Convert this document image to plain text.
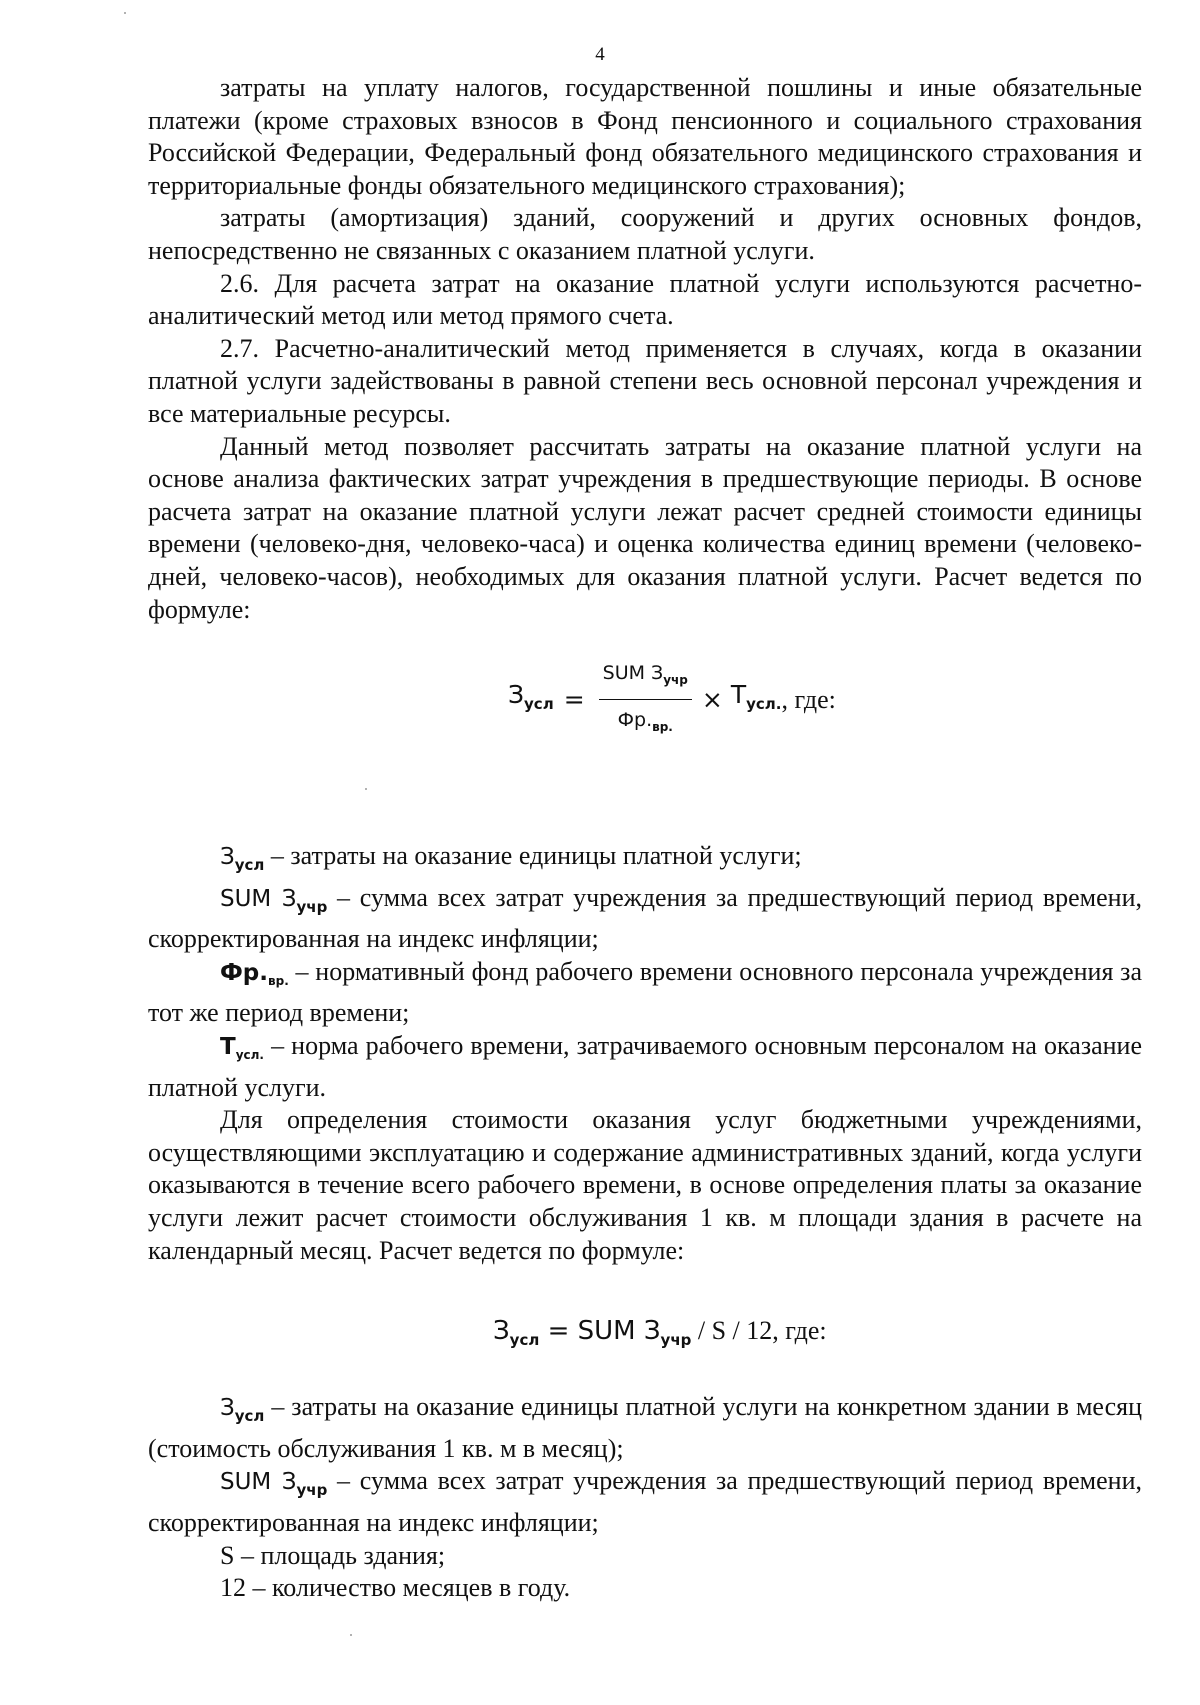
4

затраты на уплату налогов, государственной пошлины и иные обязательные платежи (кроме страховых взносов в Фонд пенсионного и социального страхования Российской Федерации, Федеральный фонд обязательного медицинского страхования и территориальные фонды обязательного медицинского страхования);

затраты (амортизация) зданий, сооружений и других основных фондов, непосредственно не связанных с оказанием платной услуги.

2.6. Для расчета затрат на оказание платной услуги используются расчетно-аналитический метод или метод прямого счета.

2.7. Расчетно-аналитический метод применяется в случаях, когда в оказании платной услуги задействованы в равной степени весь основной персонал учреждения и все материальные ресурсы.

Данный метод позволяет рассчитать затраты на оказание платной услуги на основе анализа фактических затрат учреждения в предшествующие периоды. В основе расчета затрат на оказание платной услуги лежат расчет средней стоимости единицы времени (человеко-дня, человеко-часа) и оценка количества единиц времени (человеко-дней, человеко-часов), необходимых для оказания платной услуги. Расчет ведется по формуле:

$З_{усл} = \frac{SUM З_{учр}}{Фр._{вр.}} \times Т_{усл.}$ , где:

$З_{усл}$ – затраты на оказание единицы платной услуги;

SUM $З_{учр}$ – сумма всех затрат учреждения за предшествующий период времени, скорректированная на индекс инфляции;

$Фр._{вр.}$ – нормативный фонд рабочего времени основного персонала учреждения за тот же период времени;

$Т_{усл.}$ – норма рабочего времени, затрачиваемого основным персоналом на оказание платной услуги.

Для определения стоимости оказания услуг бюджетными учреждениями, осуществляющими эксплуатацию и содержание административных зданий, когда услуги оказываются в течение всего рабочего времени, в основе определения платы за оказание услуги лежит расчет стоимости обслуживания 1 кв. м площади здания в расчете на календарный месяц. Расчет ведется по формуле:

$З_{усл}$ = SUM $З_{учр}$ / S / 12, где:

$З_{усл}$ – затраты на оказание единицы платной услуги на конкретном здании в месяц (стоимость обслуживания 1 кв. м в месяц);

SUM $З_{учр}$ – сумма всех затрат учреждения за предшествующий период времени, скорректированная на индекс инфляции;

S – площадь здания;

12 – количество месяцев в году.
